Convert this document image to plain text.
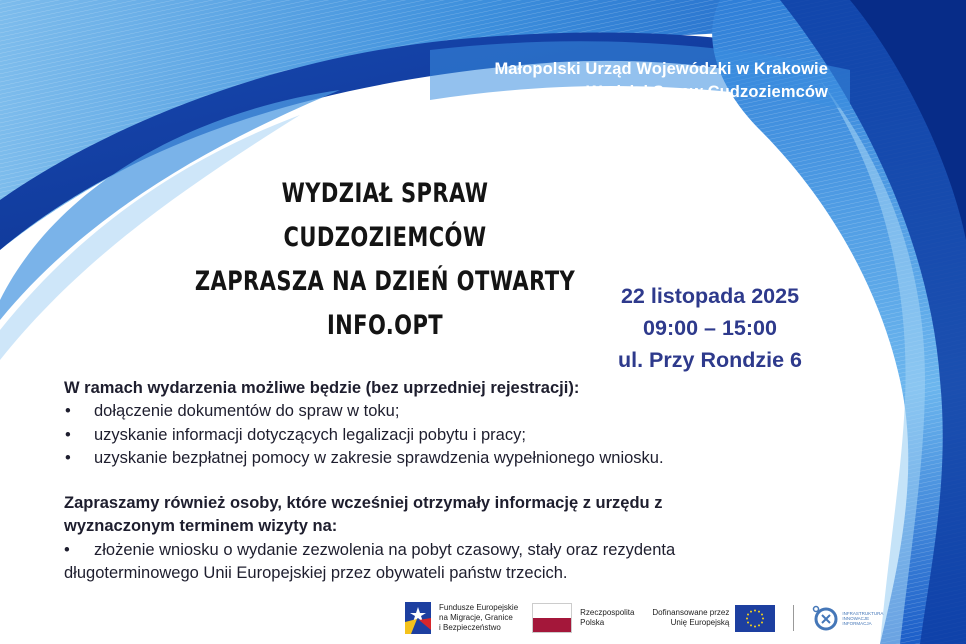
Małopolski Urząd Wojewódzki w Krakowie
Wydział Spraw Cudzoziemców
WYDZIAŁ SPRAW CUDZOZIEMCÓW
ZAPRASZA NA DZIEŃ OTWARTY INFO.OPT
22 listopada 2025
09:00 – 15:00
ul. Przy Rondzie 6
W ramach wydarzenia możliwe będzie (bez uprzedniej rejestracji):
• dołączenie dokumentów do spraw w toku;
• uzyskanie informacji dotyczących legalizacji pobytu i pracy;
• uzyskanie bezpłatnej pomocy w zakresie sprawdzenia wypełnionego wniosku.
Zapraszamy również osoby, które wcześniej otrzymały informację z urzędu z
wyznaczonym terminem wizyty na:
• złożenie wniosku o wydanie zezwolenia na pobyt czasowy, stały oraz rezydenta
długoterminowego Unii Europejskiej przez obywateli państw trzecich.
Fundusze Europejskie
na Migracje, Granice
i Bezpieczeństwo
Rzeczpospolita
Polska
Dofinansowane przez
Unię Europejską
INFRASTRUKTURA
INNOWACJE
INFORMACJA
